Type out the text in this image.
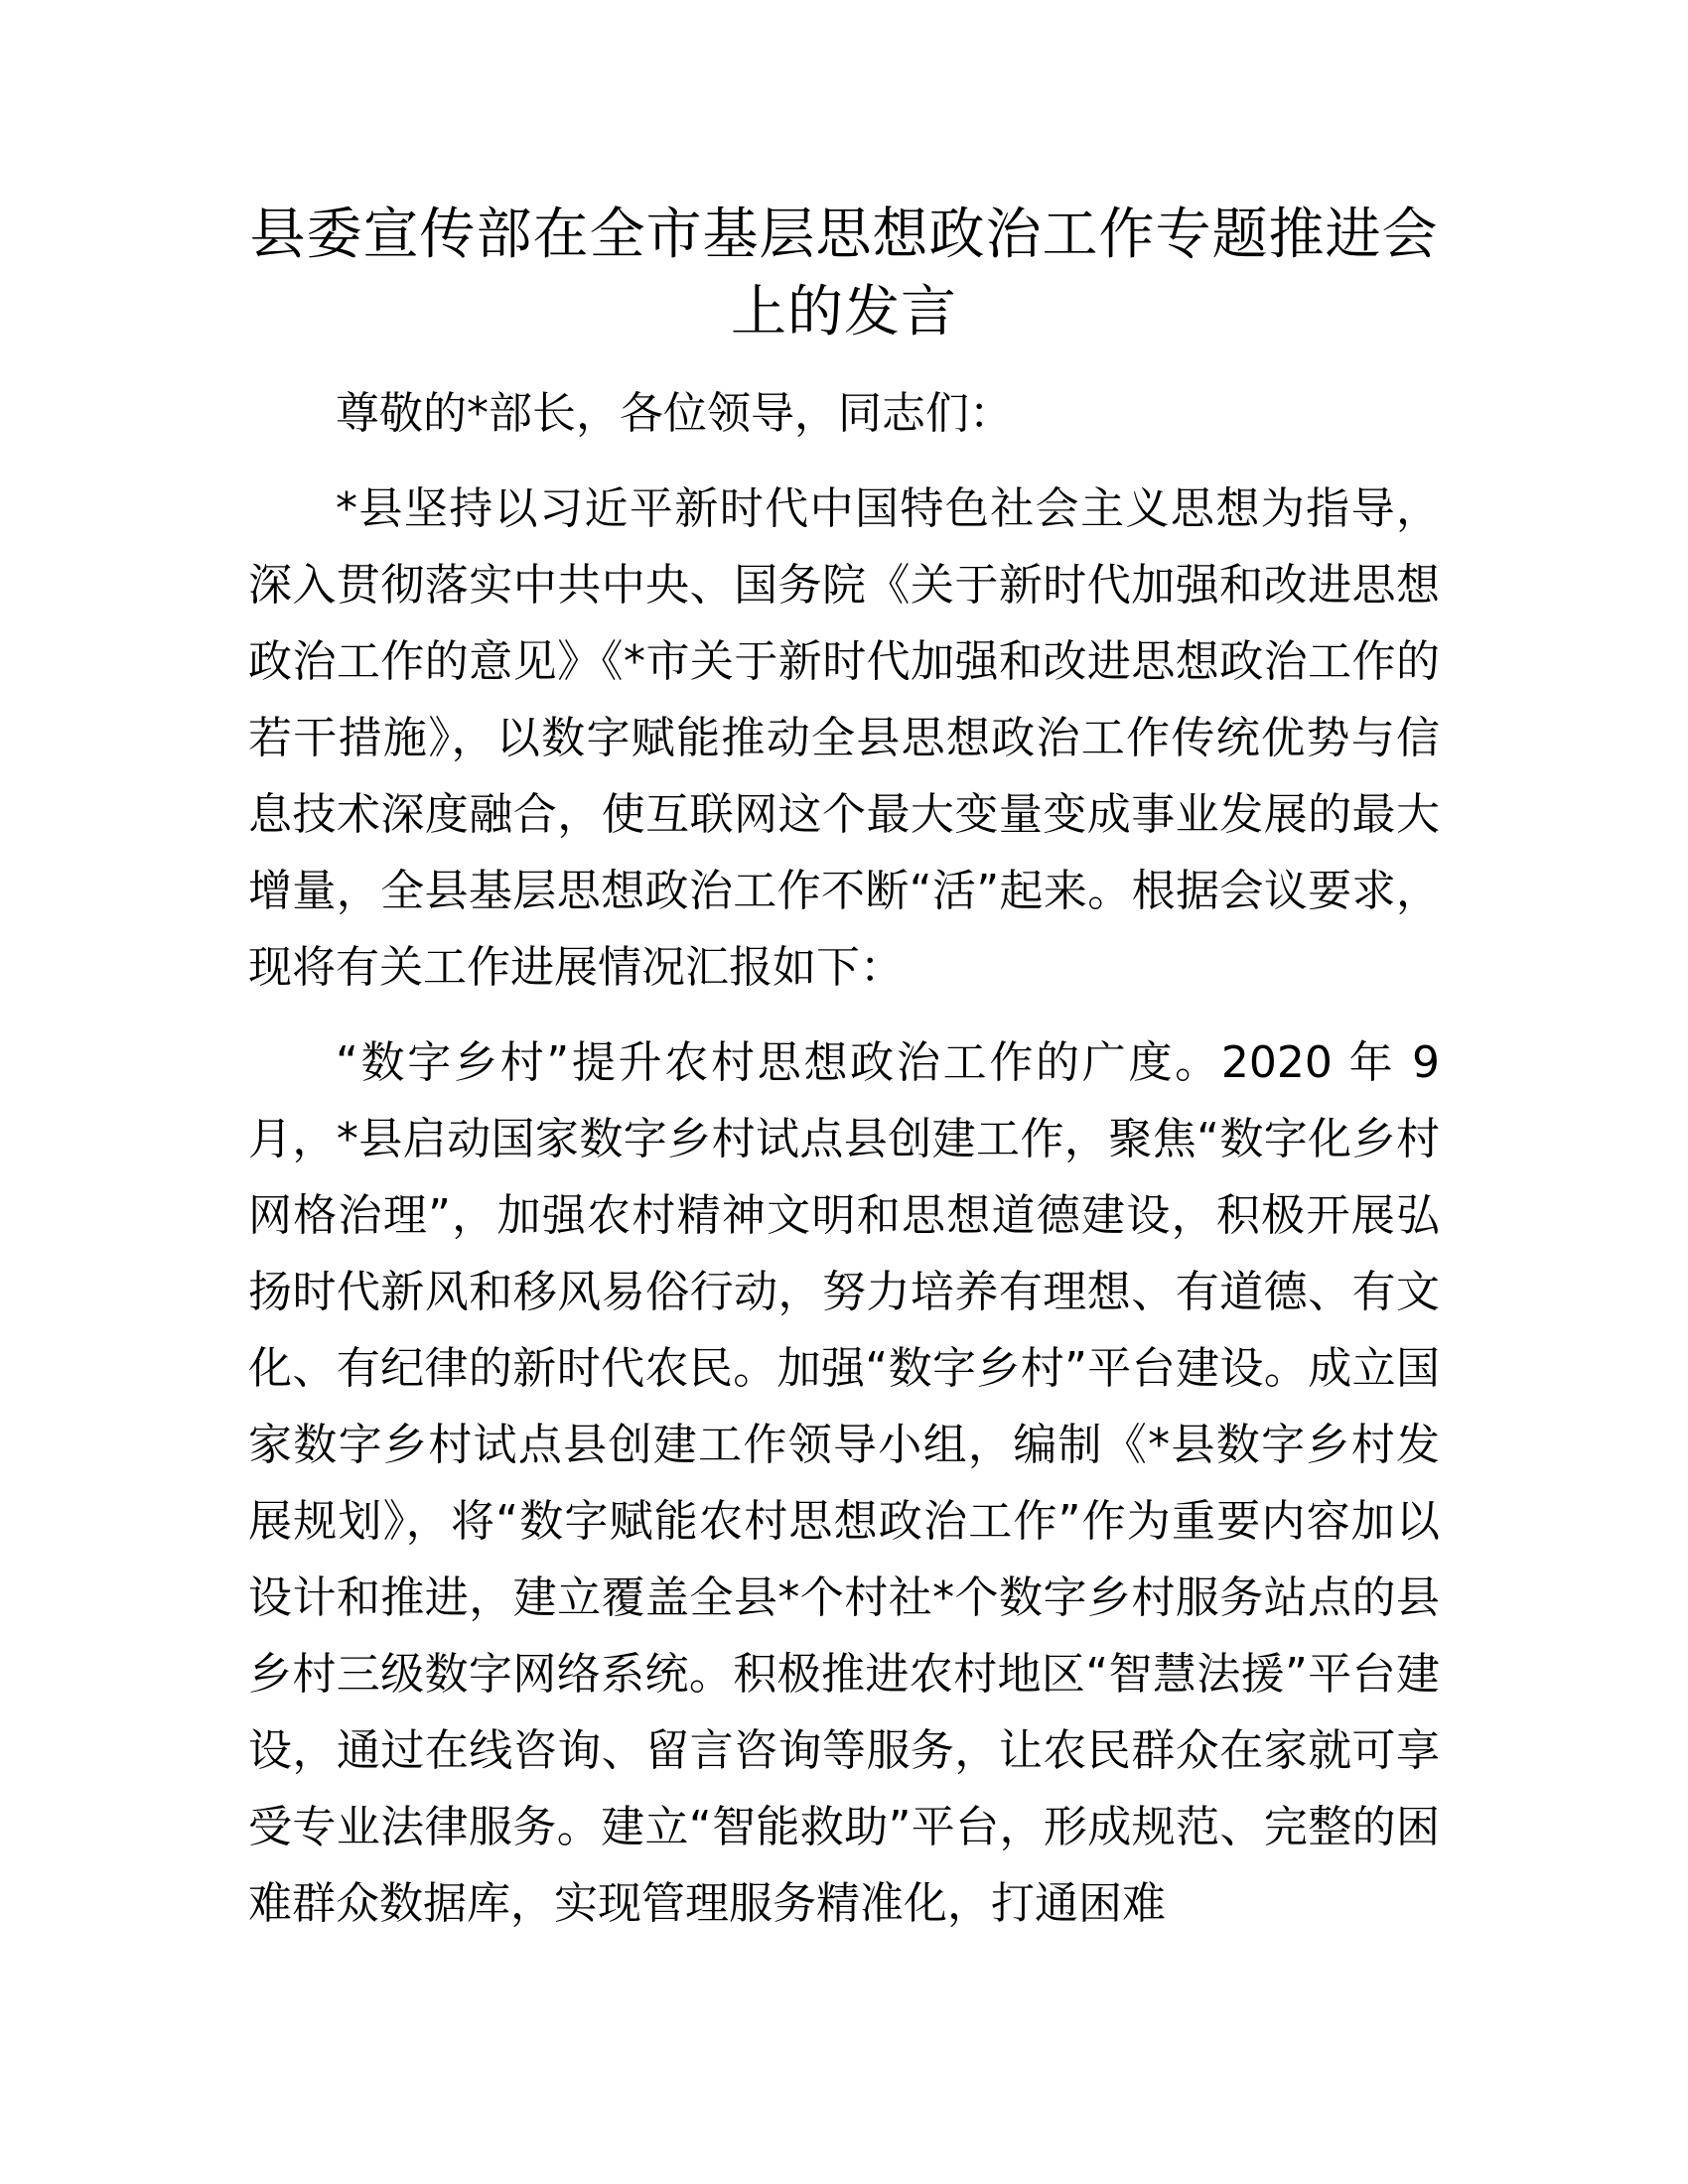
县委宣传部在全市基层思想政治工作专题推进会上的发言

尊敬的*部长，各位领导，同志们：

*县坚持以习近平新时代中国特色社会主义思想为指导，深入贯彻落实中共中央、国务院《关于新时代加强和改进思想政治工作的意见》《*市关于新时代加强和改进思想政治工作的若干措施》，以数字赋能推动全县思想政治工作传统优势与信息技术深度融合，使互联网这个最大变量变成事业发展的最大增量，全县基层思想政治工作不断“活”起来。根据会议要求，现将有关工作进展情况汇报如下：

“数字乡村”提升农村思想政治工作的广度。2020 年 9 月，*县启动国家数字乡村试点县创建工作，聚焦“数字化乡村网格治理”，加强农村精神文明和思想道德建设，积极开展弘扬时代新风和移风易俗行动，努力培养有理想、有道德、有文化、有纪律的新时代农民。加强“数字乡村”平台建设。成立国家数字乡村试点县创建工作领导小组，编制《*县数字乡村发展规划》，将“数字赋能农村思想政治工作”作为重要内容加以设计和推进，建立覆盖全县*个村社*个数字乡村服务站点的县乡村三级数字网络系统。积极推进农村地区“智慧法援”平台建设，通过在线咨询、留言咨询等服务，让农民群众在家就可享受专业法律服务。建立“智能救助”平台，形成规范、完整的困难群众数据库，实现管理服务精准化，打通困难
